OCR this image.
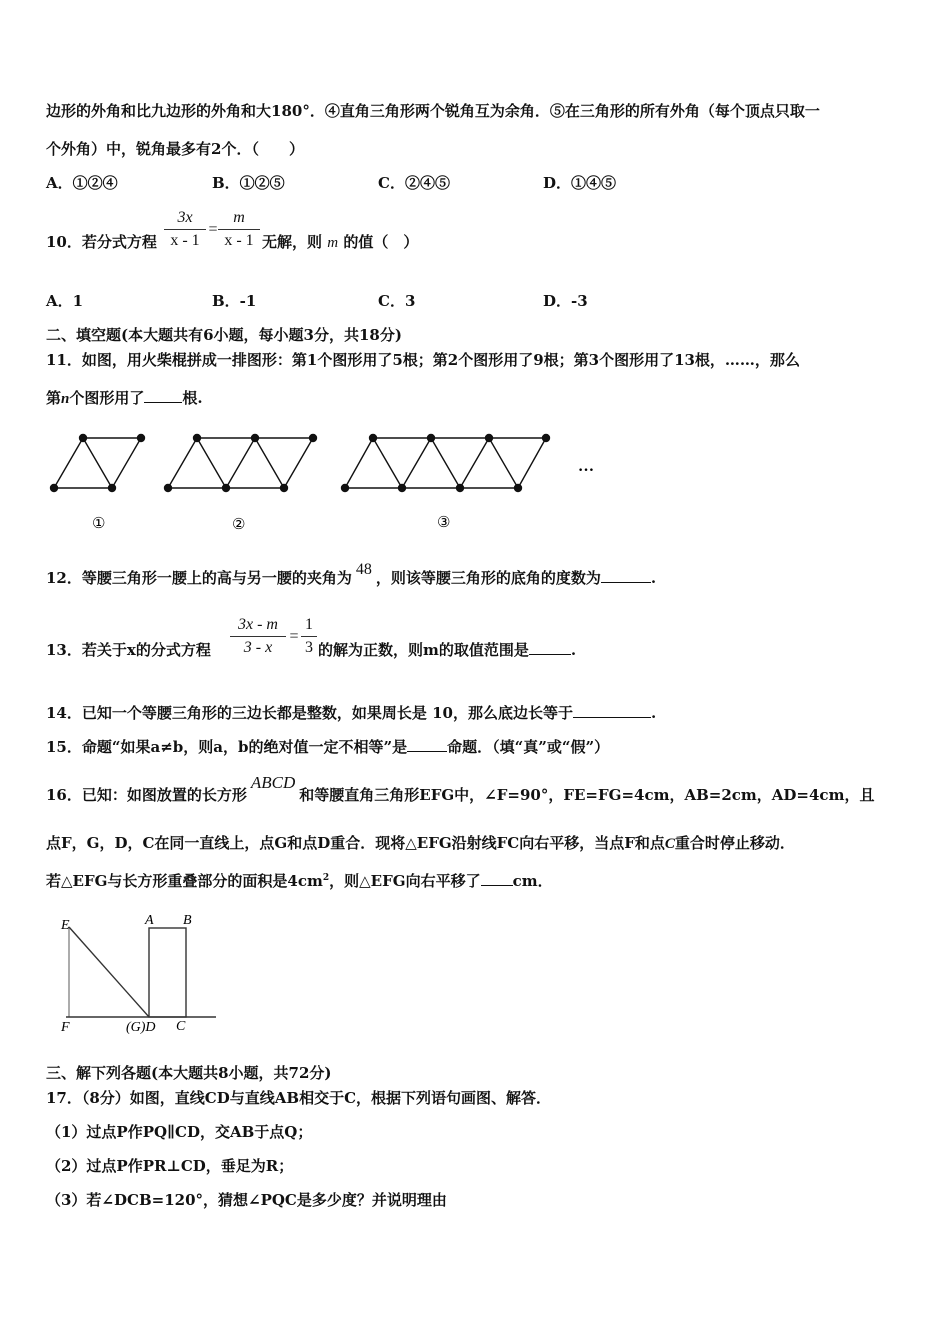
边形的外角和比九边形的外角和大180°．④直角三角形两个锐角互为余角．⑤在三角形的所有外角（每个顶点只取一
个外角）中，锐角最多有2个．（　　）
A．①②④	B．①②⑤	C．②④⑤	D．①④⑤
10．若分式方程
3x
x - 1
=
m
x - 1 无解，则 m 的值（　）
A．1	B．-1	C．3	D．-3
二、填空题(本大题共有6小题，每小题3分，共18分)
11．如图，用火柴棍拼成一排图形：第1个图形用了5根；第2个图形用了9根；第3个图形用了13根，……，那么
第n个图形用了	根.
…
①	②	③
12．等腰三角形一腰上的高与另一腰的夹角为 48 ，则该等腰三角形的底角的度数为	.
13．若关于x的分式方程
3x - m
3 - x
=
1
3 的解为正数，则m的取值范围是	.
14．已知一个等腰三角形的三边长都是整数，如果周长是 10，那么底边长等于	.
15．命题“如果a≠b，则a，b的绝对值一定不相等”是	命题．（填“真”或“假”）
16．已知：如图放置的长方形ABCD和等腰直角三角形EFG中，∠F=90°，FE=FG=4cm，AB=2cm，AD=4cm，且
点F，G，D，C在同一直线上，点G和点D重合．现将△EFG沿射线FC向右平移，当点F和点C重合时停止移动．
若△EFG与长方形重叠部分的面积是$4cm^2$，则△EFG向右平移了 cm．
E	A B
F	(G)D C
三、解下列各题(本大题共8小题，共72分)
17．（8分）如图，直线CD与直线AB相交于C，根据下列语句画图、解答．
（1）过点P作PQ∥CD，交AB于点Q；
（2）过点P作PR⊥CD，垂足为R；
（3）若∠DCB=120°，猜想∠PQC是多少度？并说明理由
